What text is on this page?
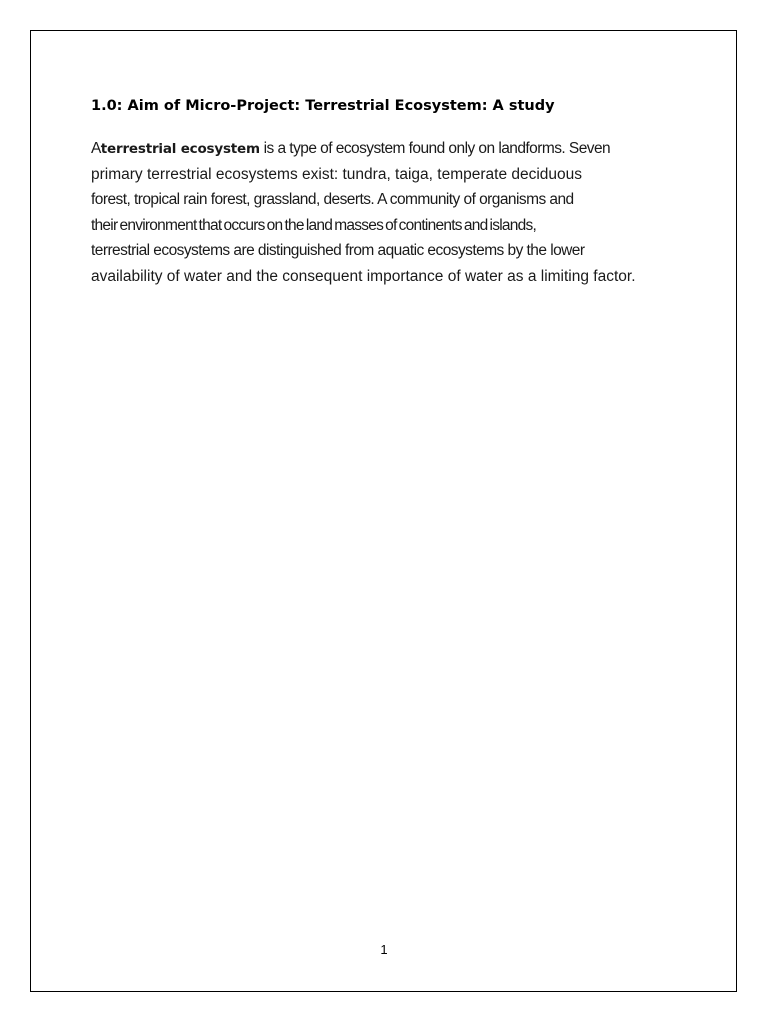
1.0: Aim of Micro-Project: Terrestrial Ecosystem: A study
Aterrestrial ecosystem is a type of ecosystem found only on landforms. Seven
primary terrestrial ecosystems exist: tundra, taiga, temperate deciduous
forest, tropical rain forest, grassland, deserts. A community of organisms and
their environment that occurs on the land masses of continents and islands,
terrestrial ecosystems are distinguished from aquatic ecosystems by the lower
availability of water and the consequent importance of water as a limiting factor.

1
